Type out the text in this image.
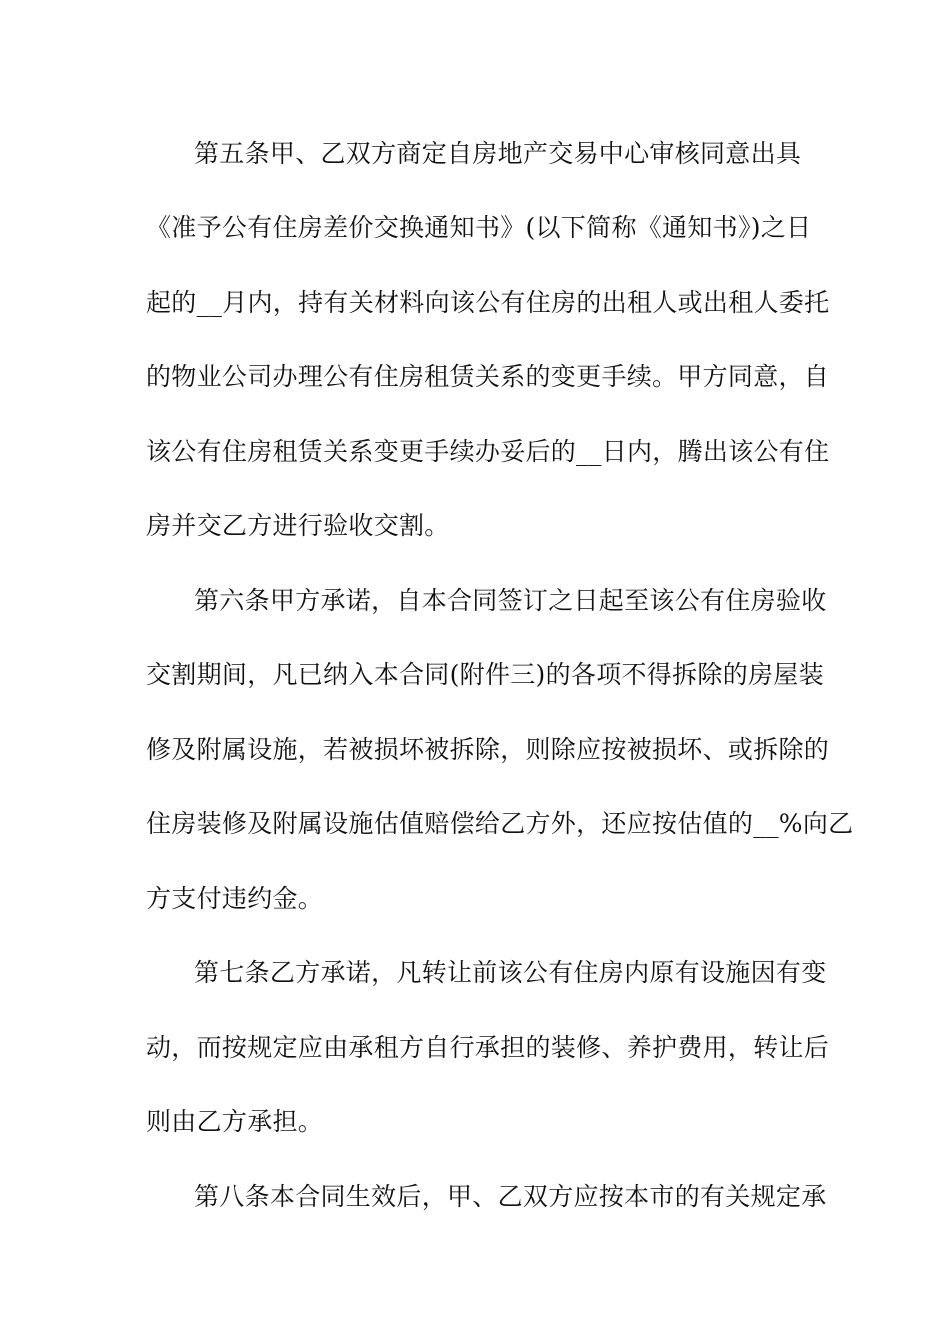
第五条甲、乙双方商定自房地产交易中心审核同意出具
《准予公有住房差价交换通知书》(以下简称《通知书》)之日
起的__月内，持有关材料向该公有住房的出租人或出租人委托
的物业公司办理公有住房租赁关系的变更手续。甲方同意，自
该公有住房租赁关系变更手续办妥后的__日内，腾出该公有住
房并交乙方进行验收交割。
第六条甲方承诺，自本合同签订之日起至该公有住房验收
交割期间，凡已纳入本合同(附件三)的各项不得拆除的房屋装
修及附属设施，若被损坏被拆除，则除应按被损坏、或拆除的
住房装修及附属设施估值赔偿给乙方外，还应按估值的__%向乙
方支付违约金。
第七条乙方承诺，凡转让前该公有住房内原有设施因有变
动，而按规定应由承租方自行承担的装修、养护费用，转让后
则由乙方承担。
第八条本合同生效后，甲、乙双方应按本市的有关规定承
